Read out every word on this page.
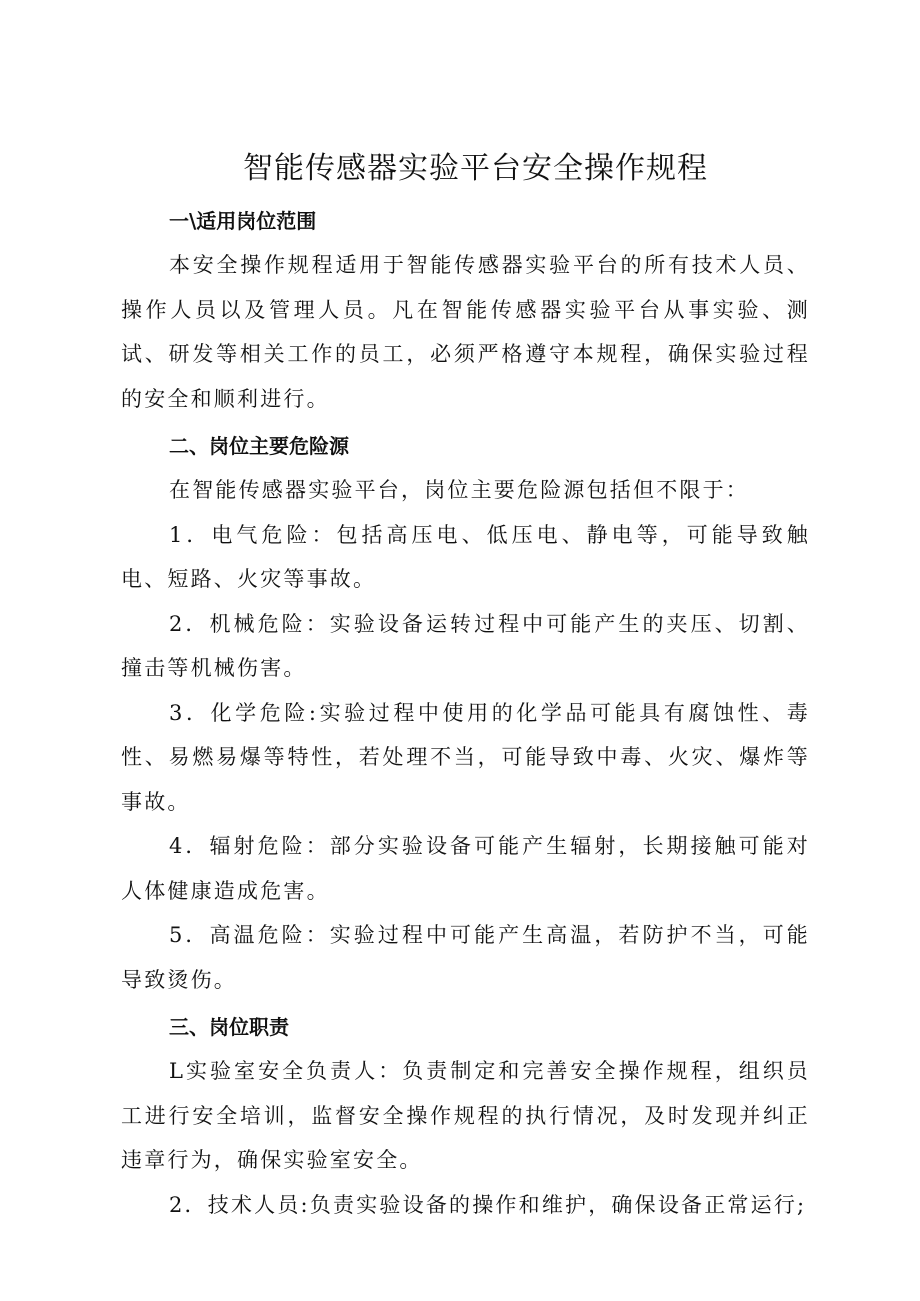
智能传感器实验平台安全操作规程
一\适用岗位范围

本安全操作规程适用于智能传感器实验平台的所有技术人员、操作人员以及管理人员。凡在智能传感器实验平台从事实验、测试、研发等相关工作的员工，必须严格遵守本规程，确保实验过程的安全和顺利进行。

二、岗位主要危险源

在智能传感器实验平台，岗位主要危险源包括但不限于：

1．电气危险：包括高压电、低压电、静电等，可能导致触电、短路、火灾等事故。

2．机械危险：实验设备运转过程中可能产生的夹压、切割、撞击等机械伤害。

3．化学危险:实验过程中使用的化学品可能具有腐蚀性、毒性、易燃易爆等特性，若处理不当，可能导致中毒、火灾、爆炸等事故。

4．辐射危险：部分实验设备可能产生辐射，长期接触可能对人体健康造成危害。

5．高温危险：实验过程中可能产生高温，若防护不当，可能导致烫伤。

三、岗位职责

L实验室安全负责人：负责制定和完善安全操作规程，组织员工进行安全培训，监督安全操作规程的执行情况，及时发现并纠正违章行为，确保实验室安全。

2．技术人员:负责实验设备的操作和维护，确保设备正常运行;
